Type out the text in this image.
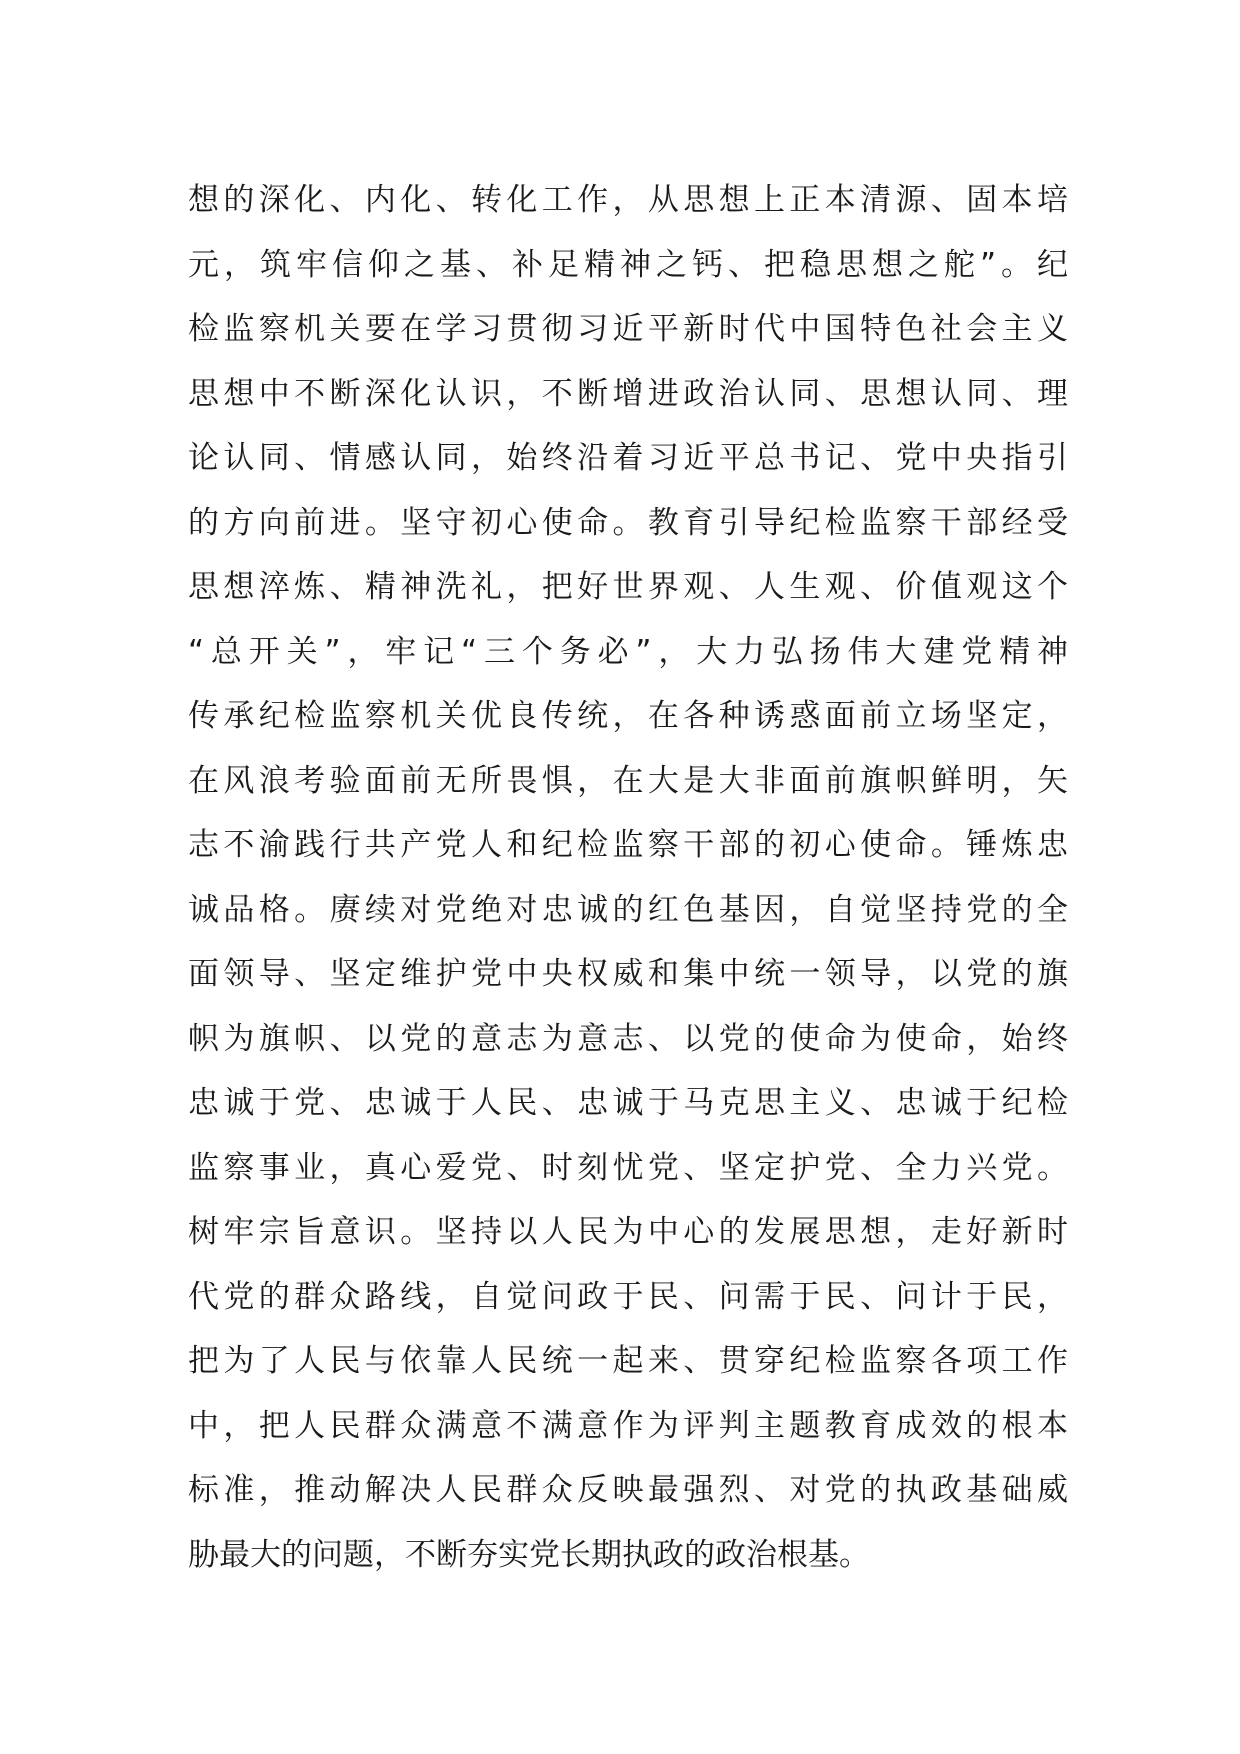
想的深化、内化、转化工作，从思想上正本清源、固本培
元，筑牢信仰之基、补足精神之钙、把稳思想之舵”。纪
检监察机关要在学习贯彻习近平新时代中国特色社会主义
思想中不断深化认识，不断增进政治认同、思想认同、理
论认同、情感认同，始终沿着习近平总书记、党中央指引
的方向前进。坚守初心使命。教育引导纪检监察干部经受
思想淬炼、精神洗礼，把好世界观、人生观、价值观这个
“总开关”，牢记“三个务必”，大力弘扬伟大建党精神
传承纪检监察机关优良传统，在各种诱惑面前立场坚定，
在风浪考验面前无所畏惧，在大是大非面前旗帜鲜明，矢
志不渝践行共产党人和纪检监察干部的初心使命。锤炼忠
诚品格。赓续对党绝对忠诚的红色基因，自觉坚持党的全
面领导、坚定维护党中央权威和集中统一领导，以党的旗
帜为旗帜、以党的意志为意志、以党的使命为使命，始终
忠诚于党、忠诚于人民、忠诚于马克思主义、忠诚于纪检
监察事业，真心爱党、时刻忧党、坚定护党、全力兴党。
树牢宗旨意识。坚持以人民为中心的发展思想，走好新时
代党的群众路线，自觉问政于民、问需于民、问计于民，
把为了人民与依靠人民统一起来、贯穿纪检监察各项工作
中，把人民群众满意不满意作为评判主题教育成效的根本
标准，推动解决人民群众反映最强烈、对党的执政基础威
胁最大的问题，不断夯实党长期执政的政治根基。
